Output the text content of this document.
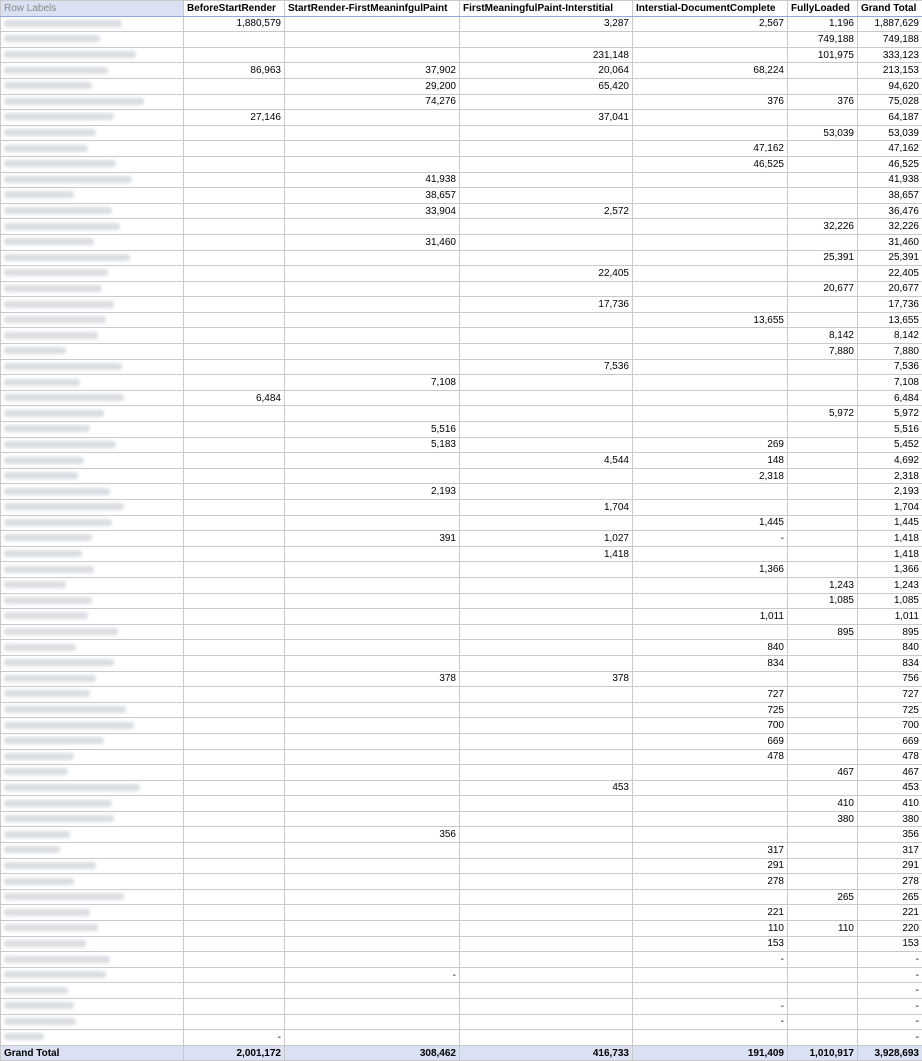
Row Labels	BeforeStartRender	StartRender-FirstMeaninfgulPaint	FirstMeaningfulPaint-Interstitial	Interstial-DocumentComplete	FullyLoaded	Grand Total
	1,880,579		3,287	2,567	1,196	1,887,629
					749,188	749,188
			231,148		101,975	333,123
	86,963	37,902	20,064	68,224		213,153
		29,200	65,420			94,620
		74,276		376	376	75,028
	27,146		37,041			64,187
					53,039	53,039
				47,162		47,162
				46,525		46,525
		41,938				41,938
		38,657				38,657
		33,904	2,572			36,476
					32,226	32,226
		31,460				31,460
					25,391	25,391
			22,405			22,405
					20,677	20,677
			17,736			17,736
				13,655		13,655
					8,142	8,142
					7,880	7,880
			7,536			7,536
		7,108				7,108
	6,484					6,484
					5,972	5,972
		5,516				5,516
		5,183		269		5,452
			4,544	148		4,692
				2,318		2,318
		2,193				2,193
			1,704			1,704
				1,445		1,445
		391	1,027	-		1,418
			1,418			1,418
				1,366		1,366
					1,243	1,243
					1,085	1,085
				1,011		1,011
					895	895
				840		840
				834		834
		378	378			756
				727		727
				725		725
				700		700
				669		669
				478		478
					467	467
			453			453
					410	410
					380	380
		356				356
				317		317
				291		291
				278		278
					265	265
				221		221
				110	110	220
				153		153
				-		-
		-				-
						-
				-		-
				-		-
	-					-
Grand Total	2,001,172	308,462	416,733	191,409	1,010,917	3,928,693
